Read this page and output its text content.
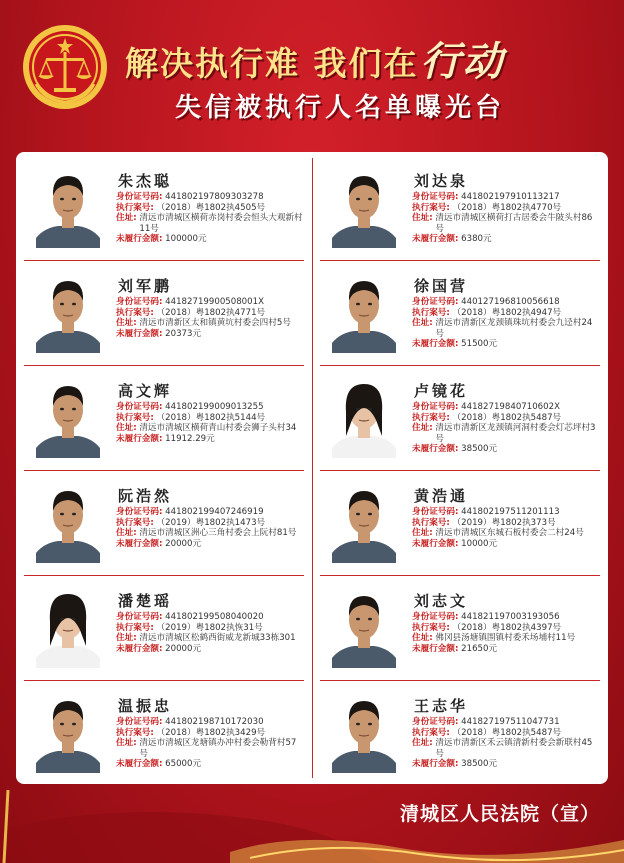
解决执行难 我们在行动
失信被执行人名单曝光台
朱杰聪
身份证号码: 441802197809303278
执行案号: （2018）粤1802执4505号
住址:
清远市清城区横荷赤岗村委会恒头大观新村11号
未履行金额: 100000元
刘达泉
身份证号码: 441802197910113217
执行案号: （2018）粤1802执4770号
住址:
清远市清城区横荷打古居委会牛陂头村86号
未履行金额: 6380元
刘军鹏
身份证号码: 44182719900508001X
执行案号: （2018）粤1802执4771号
住址:
清远市清新区太和镇黄坑村委会四村5号
未履行金额: 20373元
徐国营
身份证号码: 440127196810056618
执行案号: （2018）粤1802执4947号
住址:
清远市清新区龙颈镇珠坑村委会九迳村24号
未履行金额: 51500元
高文辉
身份证号码: 441802199009013255
执行案号: （2018）粤1802执5144号
住址:
清远市清城区横荷青山村委会狮子头村34
未履行金额: 11912.29元
卢镜花
身份证号码: 44182719840710602X
执行案号: （2018）粤1802执5487号
住址:
清远市清新区龙颈镇河洞村委会灯芯坪村3号
未履行金额: 38500元
阮浩然
身份证号码: 441802199407246919
执行案号: （2019）粤1802执1473号
住址:
清远市清城区洲心三角村委会上阮村81号
未履行金额: 20000元
黄浩通
身份证号码: 441802197511201113
执行案号: （2019）粤1802执373号
住址:
清远市清城区东城石板村委会二村24号
未履行金额: 10000元
潘楚瑶
身份证号码: 441802199508040020
执行案号: （2019）粤1802执恢31号
住址:
清远市清城区松鹤西街威龙新城33栋301
未履行金额: 20000元
刘志文
身份证号码: 441821197003193056
执行案号: （2018）粤1802执4397号
住址:
佛冈县汤塘镇围镇村委禾场埔村11号
未履行金额: 21650元
温振忠
身份证号码: 441802198710172030
执行案号: （2018）粤1802执3429号
住址:
清远市清城区龙塘镇办冲村委会勒背村57号
未履行金额: 65000元
王志华
身份证号码: 441827197511047731
执行案号: （2018）粤1802执5487号
住址:
清远市清新区禾云镇清新村委会新联村45号
未履行金额: 38500元
清城区人民法院（宣）
